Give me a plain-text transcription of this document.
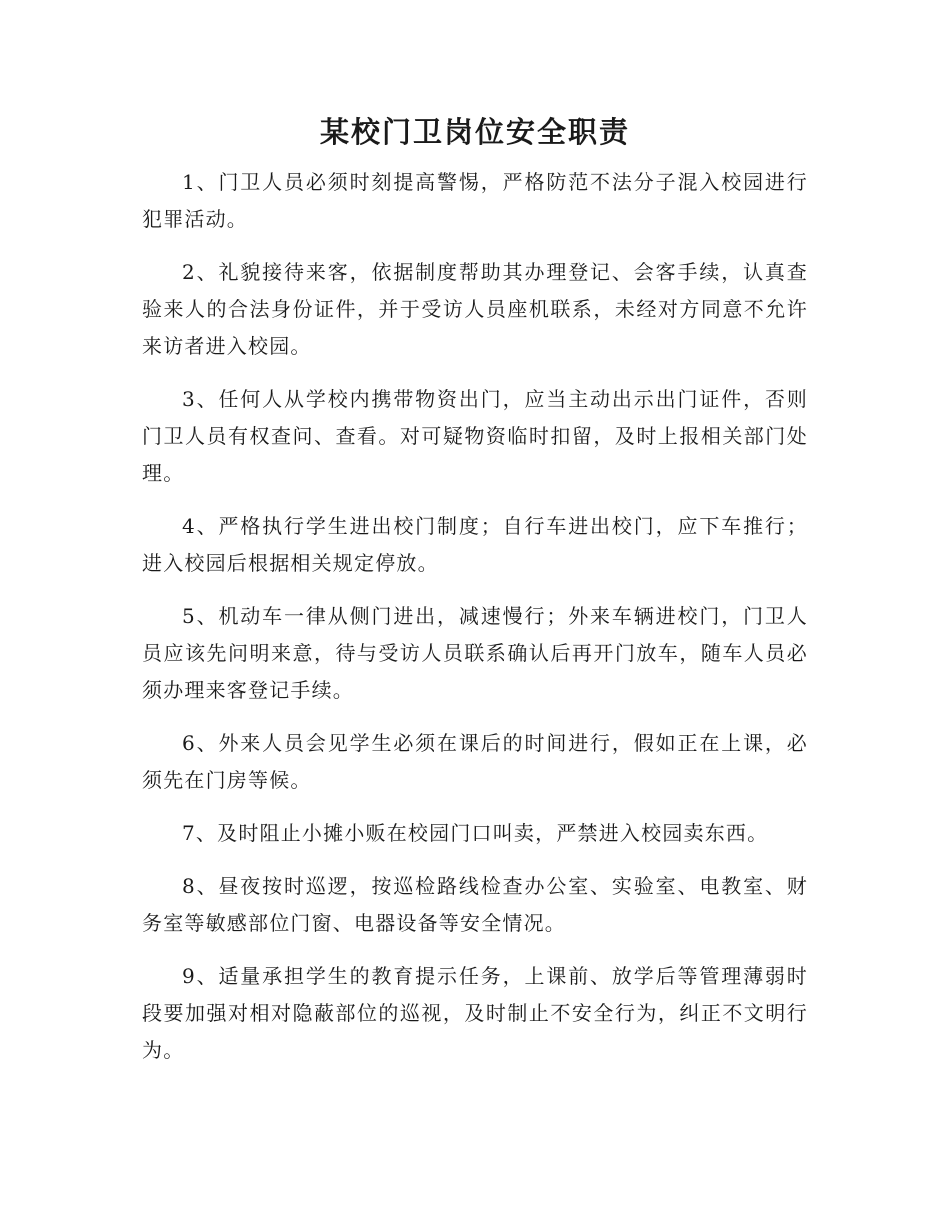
某校门卫岗位安全职责

1、门卫人员必须时刻提高警惕，严格防范不法分子混入校园进行犯罪活动。

2、礼貌接待来客，依据制度帮助其办理登记、会客手续，认真查验来人的合法身份证件，并于受访人员座机联系，未经对方同意不允许来访者进入校园。

3、任何人从学校内携带物资出门，应当主动出示出门证件，否则门卫人员有权查问、查看。对可疑物资临时扣留，及时上报相关部门处理。

4、严格执行学生进出校门制度；自行车进出校门，应下车推行；进入校园后根据相关规定停放。

5、机动车一律从侧门进出，减速慢行；外来车辆进校门，门卫人员应该先问明来意，待与受访人员联系确认后再开门放车，随车人员必须办理来客登记手续。

6、外来人员会见学生必须在课后的时间进行，假如正在上课，必须先在门房等候。

7、及时阻止小摊小贩在校园门口叫卖，严禁进入校园卖东西。

8、昼夜按时巡逻，按巡检路线检查办公室、实验室、电教室、财务室等敏感部位门窗、电器设备等安全情况。

9、适量承担学生的教育提示任务，上课前、放学后等管理薄弱时段要加强对相对隐蔽部位的巡视，及时制止不安全行为，纠正不文明行为。
